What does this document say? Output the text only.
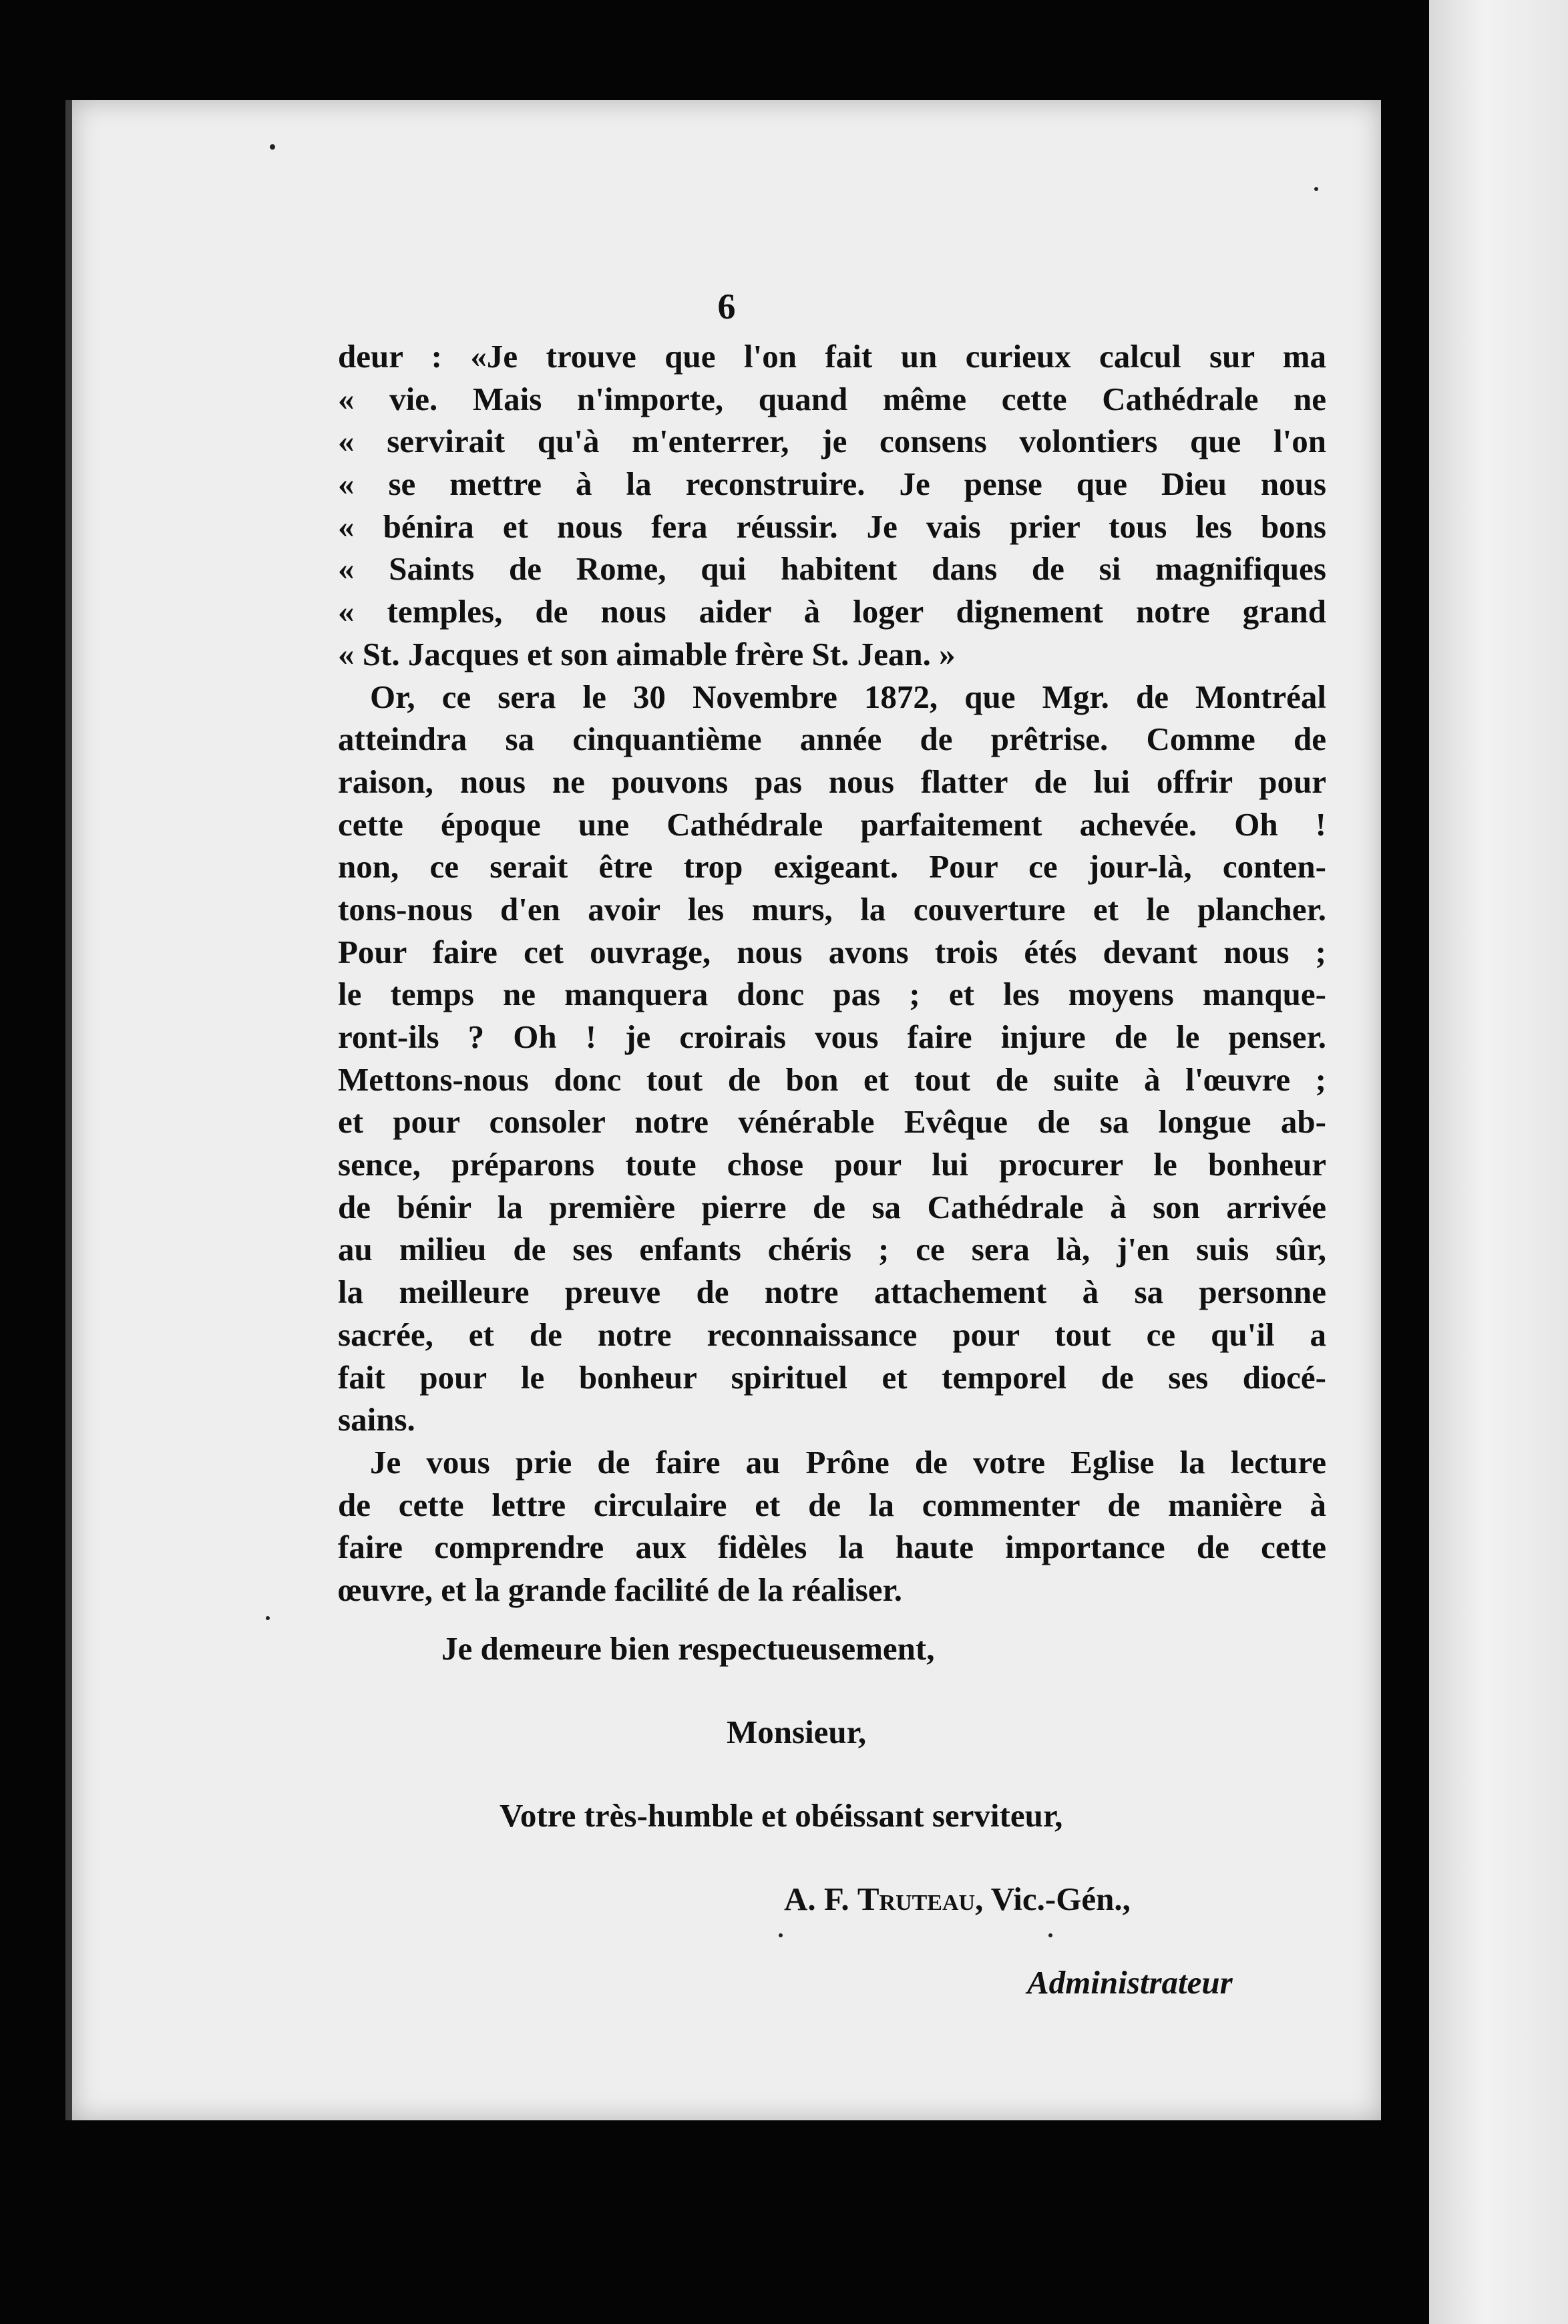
6
deur : «Je trouve que l'on fait un curieux calcul sur ma
« vie. Mais n'importe, quand même cette Cathédrale ne
« servirait qu'à m'enterrer, je consens volontiers que l'on
« se mettre à la reconstruire. Je pense que Dieu nous
« bénira et nous fera réussir. Je vais prier tous les bons
« Saints de Rome, qui habitent dans de si magnifiques
« temples, de nous aider à loger dignement notre grand
« St. Jacques et son aimable frère St. Jean. »
Or, ce sera le 30 Novembre 1872, que Mgr. de Montréal
atteindra sa cinquantième année de prêtrise. Comme de
raison, nous ne pouvons pas nous flatter de lui offrir pour
cette époque une Cathédrale parfaitement achevée. Oh !
non, ce serait être trop exigeant. Pour ce jour-là, conten-
tons-nous d'en avoir les murs, la couverture et le plancher.
Pour faire cet ouvrage, nous avons trois étés devant nous ;
le temps ne manquera donc pas ; et les moyens manque-
ront-ils ? Oh ! je croirais vous faire injure de le penser.
Mettons-nous donc tout de bon et tout de suite à l'œuvre ;
et pour consoler notre vénérable Evêque de sa longue ab-
sence, préparons toute chose pour lui procurer le bonheur
de bénir la première pierre de sa Cathédrale à son arrivée
au milieu de ses enfants chéris ; ce sera là, j'en suis sûr,
la meilleure preuve de notre attachement à sa personne
sacrée, et de notre reconnaissance pour tout ce qu'il a
fait pour le bonheur spirituel et temporel de ses diocé-
sains.
Je vous prie de faire au Prône de votre Eglise la lecture
de cette lettre circulaire et de la commenter de manière à
faire comprendre aux fidèles la haute importance de cette
œuvre, et la grande facilité de la réaliser.
Je demeure bien respectueusement,
Monsieur,
Votre très-humble et obéissant serviteur,
A. F. Truteau, Vic.-Gén.,
Administrateur
